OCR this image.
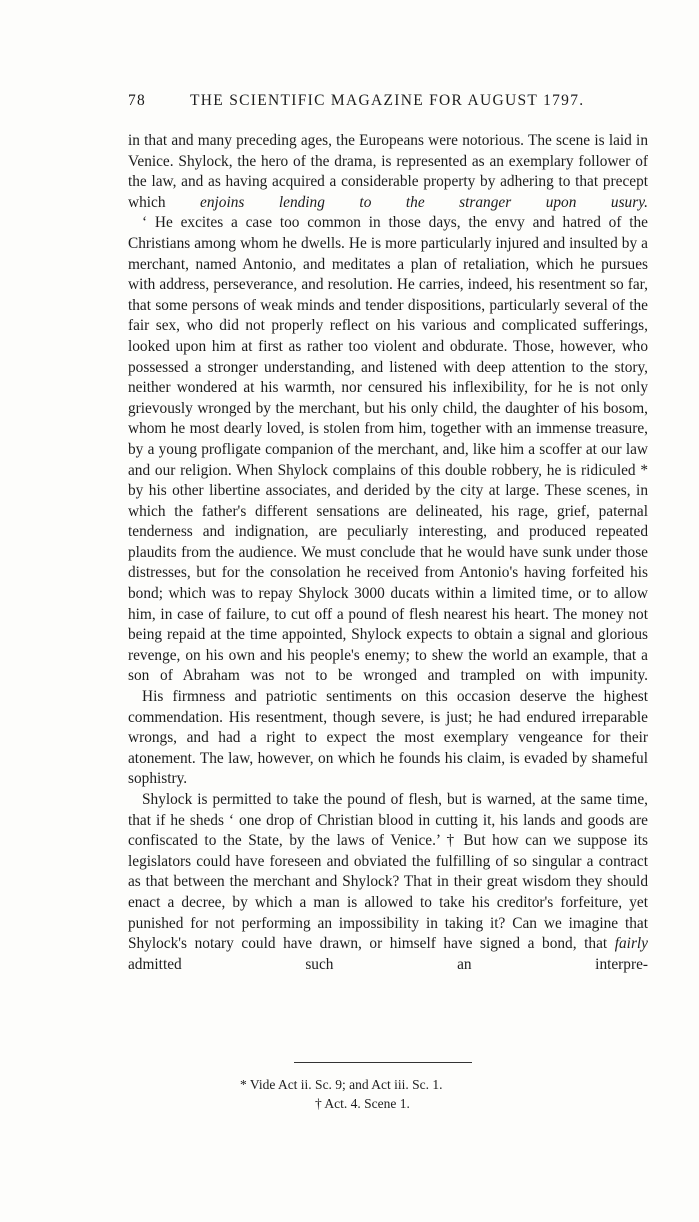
78	THE SCIENTIFIC MAGAZINE FOR AUGUST 1797.

in that and many preceding ages, the Europeans were notorious. The scene is laid in Venice. Shylock, the hero of the drama, is represented as an exemplary follower of the law, and as having acquired a considerable property by adhering to that precept which enjoins lending to the stranger upon usury.

‘ He excites a case too common in those days, the envy and hatred of the Christians among whom he dwells. He is more particularly injured and insulted by a merchant, named Antonio, and meditates a plan of retaliation, which he pursues with address, perseverance, and resolution. He carries, indeed, his resentment so far, that some persons of weak minds and tender dispositions, particularly several of the fair sex, who did not properly reflect on his various and complicated sufferings, looked upon him at first as rather too violent and obdurate. Those, however, who possessed a stronger understanding, and listened with deep attention to the story, neither wondered at his warmth, nor censured his inflexibility, for he is not only grievously wronged by the merchant, but his only child, the daughter of his bosom, whom he most dearly loved, is stolen from him, together with an immense treasure, by a young profligate companion of the merchant, and, like him a scoffer at our law and our religion. When Shylock complains of this double robbery, he is ridiculed * by his other libertine associates, and derided by the city at large. These scenes, in which the father's different sensations are delineated, his rage, grief, paternal tenderness and indignation, are peculiarly interesting, and produced repeated plaudits from the audience. We must conclude that he would have sunk under those distresses, but for the consolation he received from Antonio's having forfeited his bond; which was to repay Shylock 3000 ducats within a limited time, or to allow him, in case of failure, to cut off a pound of flesh nearest his heart. The money not being repaid at the time appointed, Shylock expects to obtain a signal and glorious revenge, on his own and his people's enemy; to shew the world an example, that a son of Abraham was not to be wronged and trampled on with impunity.

His firmness and patriotic sentiments on this occasion deserve the highest commendation. His resentment, though severe, is just; he had endured irreparable wrongs, and had a right to expect the most exemplary vengeance for their atonement. The law, however, on which he founds his claim, is evaded by shameful sophistry.

Shylock is permitted to take the pound of flesh, but is warned, at the same time, that if he sheds ‘ one drop of Christian blood in cutting it, his lands and goods are confiscated to the State, by the laws of Venice.’ † But how can we suppose its legislators could have foreseen and obviated the fulfilling of so singular a contract as that between the merchant and Shylock? That in their great wisdom they should enact a decree, by which a man is allowed to take his creditor's forfeiture, yet punished for not performing an impossibility in taking it? Can we imagine that Shylock's notary could have drawn, or himself have signed a bond, that fairly admitted such an interpre-

* Vide Act ii. Sc. 9; and Act iii. Sc. 1.

† Act. 4. Scene 1.
